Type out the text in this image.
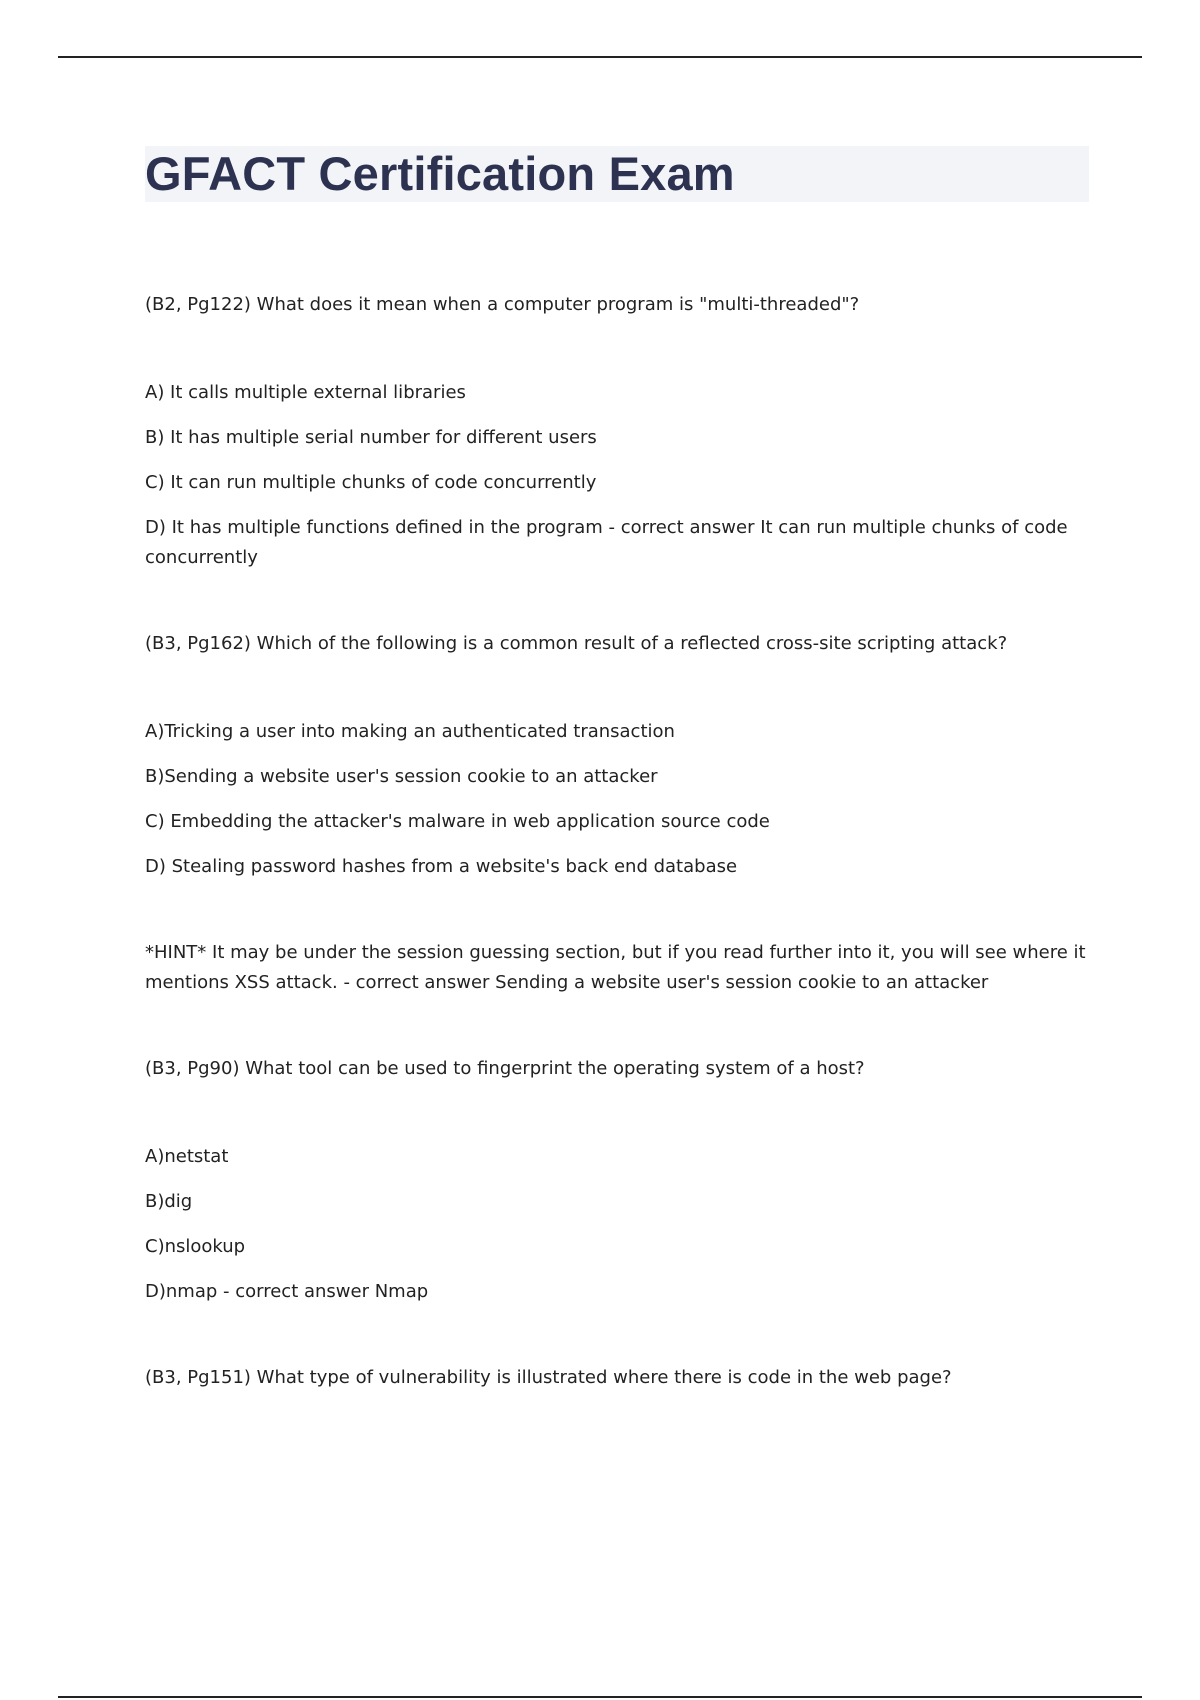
GFACT Certification Exam

(B2, Pg122) What does it mean when a computer program is "multi-threaded"?

A) It calls multiple external libraries

B) It has multiple serial number for different users

C) It can run multiple chunks of code concurrently

D) It has multiple functions defined in the program - correct answer It can run multiple chunks of code concurrently

(B3, Pg162) Which of the following is a common result of a reflected cross-site scripting attack?

A)Tricking a user into making an authenticated transaction

B)Sending a website user's session cookie to an attacker

C) Embedding the attacker's malware in web application source code

D) Stealing password hashes from a website's back end database

*HINT* It may be under the session guessing section, but if you read further into it, you will see where it mentions XSS attack. - correct answer Sending a website user's session cookie to an attacker

(B3, Pg90) What tool can be used to fingerprint the operating system of a host?

A)netstat

B)dig

C)nslookup

D)nmap - correct answer Nmap

(B3, Pg151) What type of vulnerability is illustrated where there is code in the web page?
